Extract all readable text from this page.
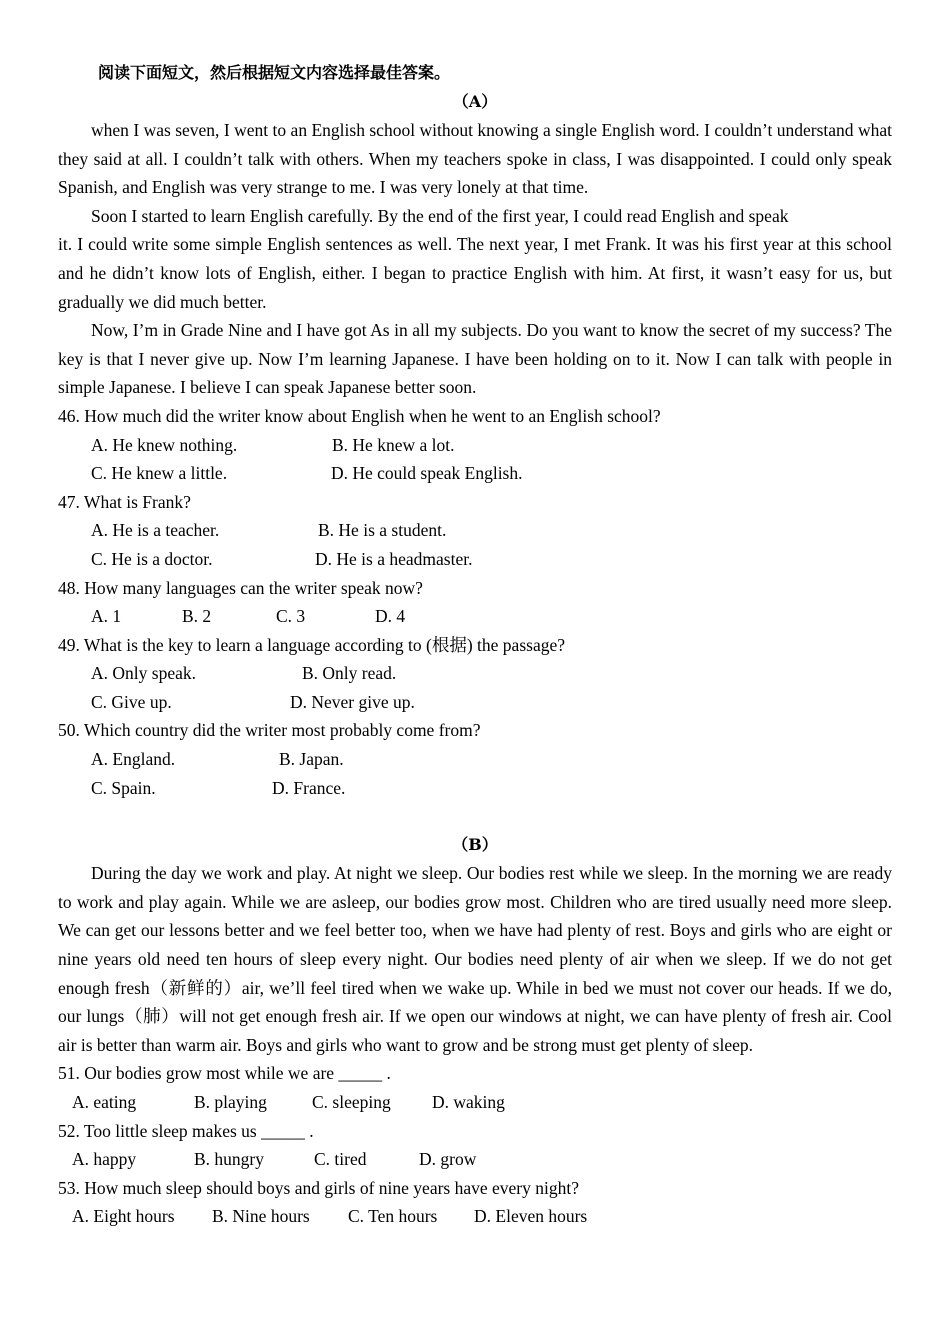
阅读下面短文，然后根据短文内容选择最佳答案。
（A）

when I was seven, I went to an English school without knowing a single English word. I couldn’t understand what they said at all. I couldn’t talk with others. When my teachers spoke in class, I was disappointed. I could only speak Spanish, and English was very strange to me. I was very lonely at that time.

Soon I started to learn English carefully. By the end of the first year, I could read English and speak

it. I could write some simple English sentences as well. The next year, I met Frank. It was his first year at this school and he didn’t know lots of English, either. I began to practice English with him. At first, it wasn’t easy for us, but gradually we did much better.

Now, I’m in Grade Nine and I have got As in all my subjects. Do you want to know the secret of my success? The key is that I never give up. Now I’m learning Japanese. I have been holding on to it. Now I can talk with people in simple Japanese. I believe I can speak Japanese better soon.

46. How much did the writer know about English when he went to an English school?

A. He knew nothing.	B. He knew a lot.
C. He knew a little.	D. He could speak English.

47. What is Frank?

A. He is a teacher.	B. He is a student.
C. He is a doctor.	D. He is a headmaster.

48. How many languages can the writer speak now?

A. 1	B. 2	C. 3	D. 4

49. What is the key to learn a language according to (根据) the passage?

A. Only speak.	B. Only read.
C. Give up.	D. Never give up.

50. Which country did the writer most probably come from?

A. England.	B. Japan.
C. Spain.	D. France.
（B）

During the day we work and play. At night we sleep. Our bodies rest while we sleep. In the morning we are ready to work and play again. While we are asleep, our bodies grow most. Children who are tired usually need more sleep. We can get our lessons better and we feel better too, when we have had plenty of rest. Boys and girls who are eight or nine years old need ten hours of sleep every night. Our bodies need plenty of air when we sleep. If we do not get enough fresh（新鲜的）air, we’ll feel tired when we wake up. While in bed we must not cover our heads. If we do, our lungs（肺）will not get enough fresh air. If we open our windows at night, we can have plenty of fresh air. Cool air is better than warm air. Boys and girls who want to grow and be strong must get plenty of sleep.

51. Our bodies grow most while we are _____ .

A. eating	B. playing	C. sleeping	D. waking

52. Too little sleep makes us _____ .

A. happy	B. hungry	C. tired	D. grow

53. How much sleep should boys and girls of nine years have every night?

A. Eight hours	B. Nine hours	C. Ten hours	D. Eleven hours
